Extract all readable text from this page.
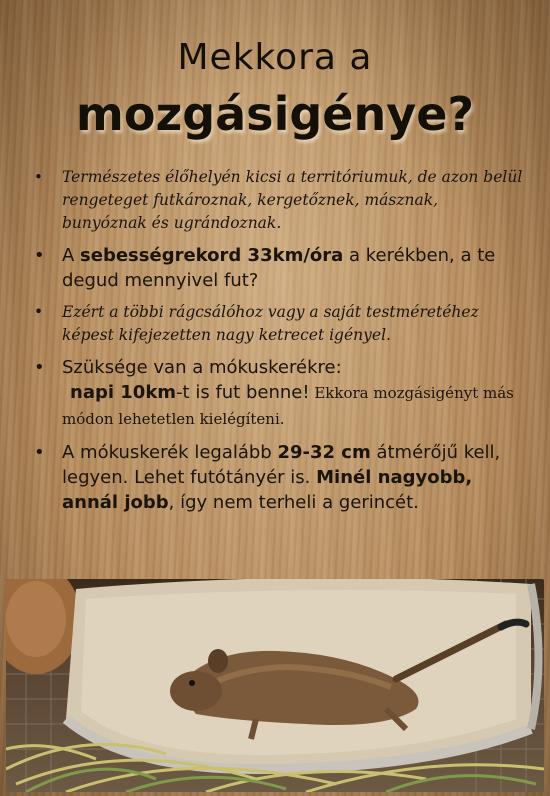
Mekkora a
mozgásigénye?
• Természetes élőhelyén kicsi a territóriumuk, de azon belül rengeteget futkároznak, kergetőznek, másznak, bunyóznak és ugrándoznak.
• A sebességrekord 33km/óra a kerékben, a te degud mennyivel fut?
• Ezért a többi rágcsálóhoz vagy a saját testméretéhez képest kifejezetten nagy ketrecet igényel.
• Szüksége van a mókuskerékre:
napi 10km-t is fut benne! Ekkora mozgásigényt más módon lehetetlen kielégíteni.
• A mókuskerék legalább 29-32 cm átmérőjű kell, legyen. Lehet futótányér is. Minél nagyobb, annál jobb, így nem terheli a gerincét.
